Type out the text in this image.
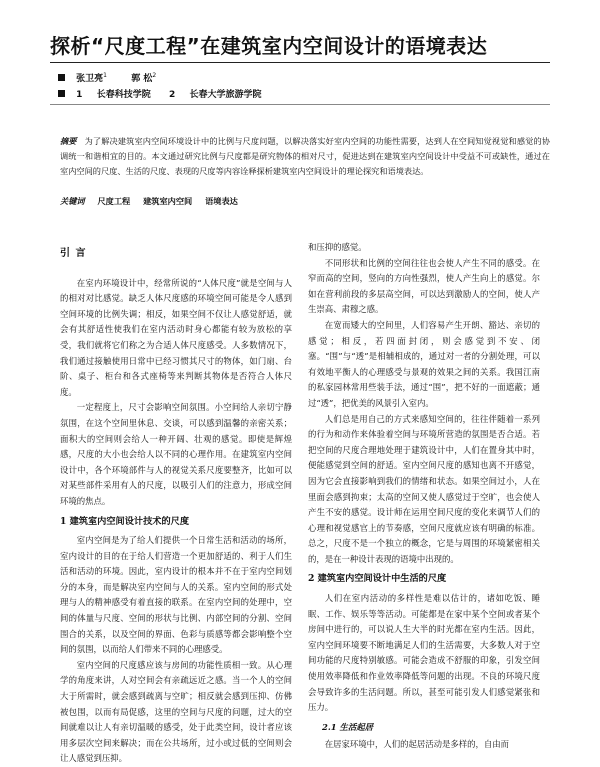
探析“尺度工程”在建筑室内空间设计的语境表达
张卫亮$^1$	郭 松$^2$
1 长春科技学院 2 长春大学旅游学院
摘要 为了解决建筑室内空间环境设计中的比例与尺度问题，以解决落实好室内空间的功能性需要，达到人在空间知觉视觉和感觉的协调统一和谐相宜的目的。本文通过研究比例与尺度都是研究物体的相对尺寸，促进达到在建筑室内空间设计中受益不可或缺性，通过在室内空间的尺度、生活的尺度、表现的尺度等内容诠释探析建筑室内空间设计的理论探究和语境表达。
关键词 尺度工程 建筑室内空间 语境表达
引 言

在室内环境设计中，经常所说的“人体尺度”就是空间与人的相对对比感觉。缺乏人体尺度感的环境空间可能是令人感到空间环境的比例失调；相反，如果空间不仅让人感觉舒适，就会有其舒适性使我们在室内活动时身心都能有较为放松的享受，我们就将它们称之为合适人体尺度感受。人多数情况下，我们通过接触使用日常中已经习惯其尺寸的物体，如门扇、台阶、桌子、柜台和各式座椅等来判断其物体是否符合人体尺度。

一定程度上，尺寸会影响空间氛围。小空间给人亲切宁静氛围，在这个空间里休息、交谈，可以感到温馨的亲密关系；面积大的空间则会给人一种开阔、壮观的感觉。即使是辉煌感，尺度的大小也会给人以不同的心理作用。在建筑室内空间设计中，各个环境部件与人的视觉关系尺度要整齐，比如可以对某些部件采用有人的尺度，以吸引人们的注意力，形成空间环境的焦点。

1 建筑室内空间设计技术的尺度

室内空间是为了给人们提供一个日常生活和活动的场所，室内设计的目的在于给人们营造一个更加舒适的、利于人们生活和活动的环境。因此，室内设计的根本并不在于室内空间划分的本身，而是解决室内空间与人的关系。室内空间的形式处理与人的精神感受有着直接的联系。在室内空间的处理中，空间的体量与尺度、空间的形状与比例、内部空间的分割、空间围合的关系，以及空间的界面、色彩与质感等都会影响整个空间的氛围，以而给人们带来不同的心理感受。

室内空间的尺度感应该与房间的功能性质相一致。从心理学的角度来讲，人对空间会有亲疏远近之感。当一个人的空间大于所需时，就会感到疏离与空旷；相反就会感到压抑、仿佛被包围，以而有局促感，这里的空间与尺度的问题，过大的空间就难以让人有亲切温暖的感受，处于此类空间，设计者应该用多层次空间来解决；而在公共场所，过小或过低的空间则会让人感觉到压抑。

和压抑的感觉。

不同形状和比例的空间往往也会使人产生不同的感受。在窄而高的空间，竖向的方向性强烈，使人产生向上的感觉。尔如在营利前段的多层高空间，可以达到激励人的空间，使人产生崇高、肃穆之感。

在宽而矮大的空间里，人们容易产生开朗、豁达、亲切的感觉；相反，若四面封闭，则会感觉到不安、闭塞。“围”与“透”是相辅相成的，通过对一者的分割处理，可以有效地平衡人的心理感受与景观的效果之间的关系。我国江南的私家园林常用些装手法，通过“围”，把不好的一面遮蔽；通过“透”，把优美的风景引入室内。

人们总是用自己的方式来感知空间的，往往伴随着一系列的行为和动作来体验着空间与环境所营造的氛围是否合适。若把空间的尺度合理地处理于建筑设计中，人们在置身其中时，便能感觉到空间的舒适。室内空间尺度的感知也离不开感觉，因为它会直接影响到我们的情绪和状态。如果空间过小，人在里面会感到拘束；太高的空间又使人感觉过于空旷，也会使人产生不安的感觉。设计师在运用空间尺度的变化来调节人们的心理和视觉感官上的节奏感，空间尺度就应该有明确的标准。总之，尺度不是一个独立的概念，它是与周围的环境紧密相关的，是在一种设计表现的语境中出现的。

2 建筑室内空间设计中生活的尺度

人们在室内活动的多样性是难以估计的，诸如吃饭、睡眠、工作、娱乐等等活动。可能都是在家中某个空间或者某个房间中进行的，可以说人生大半的时光都在室内生活。因此，室内空间环境要不断地满足人们的生活需要，大多数人对于空间功能的尺度特别敏感。可能会造成不舒服的印象，引发空间使用效率降低和作业效率降低等问题的出现。不良的环境尺度会导致许多的生活问题。所以，甚至可能引发人们感觉紧张和压力。

2.1 生活起居

在居家环境中，人们的起居活动是多样的，自由而
